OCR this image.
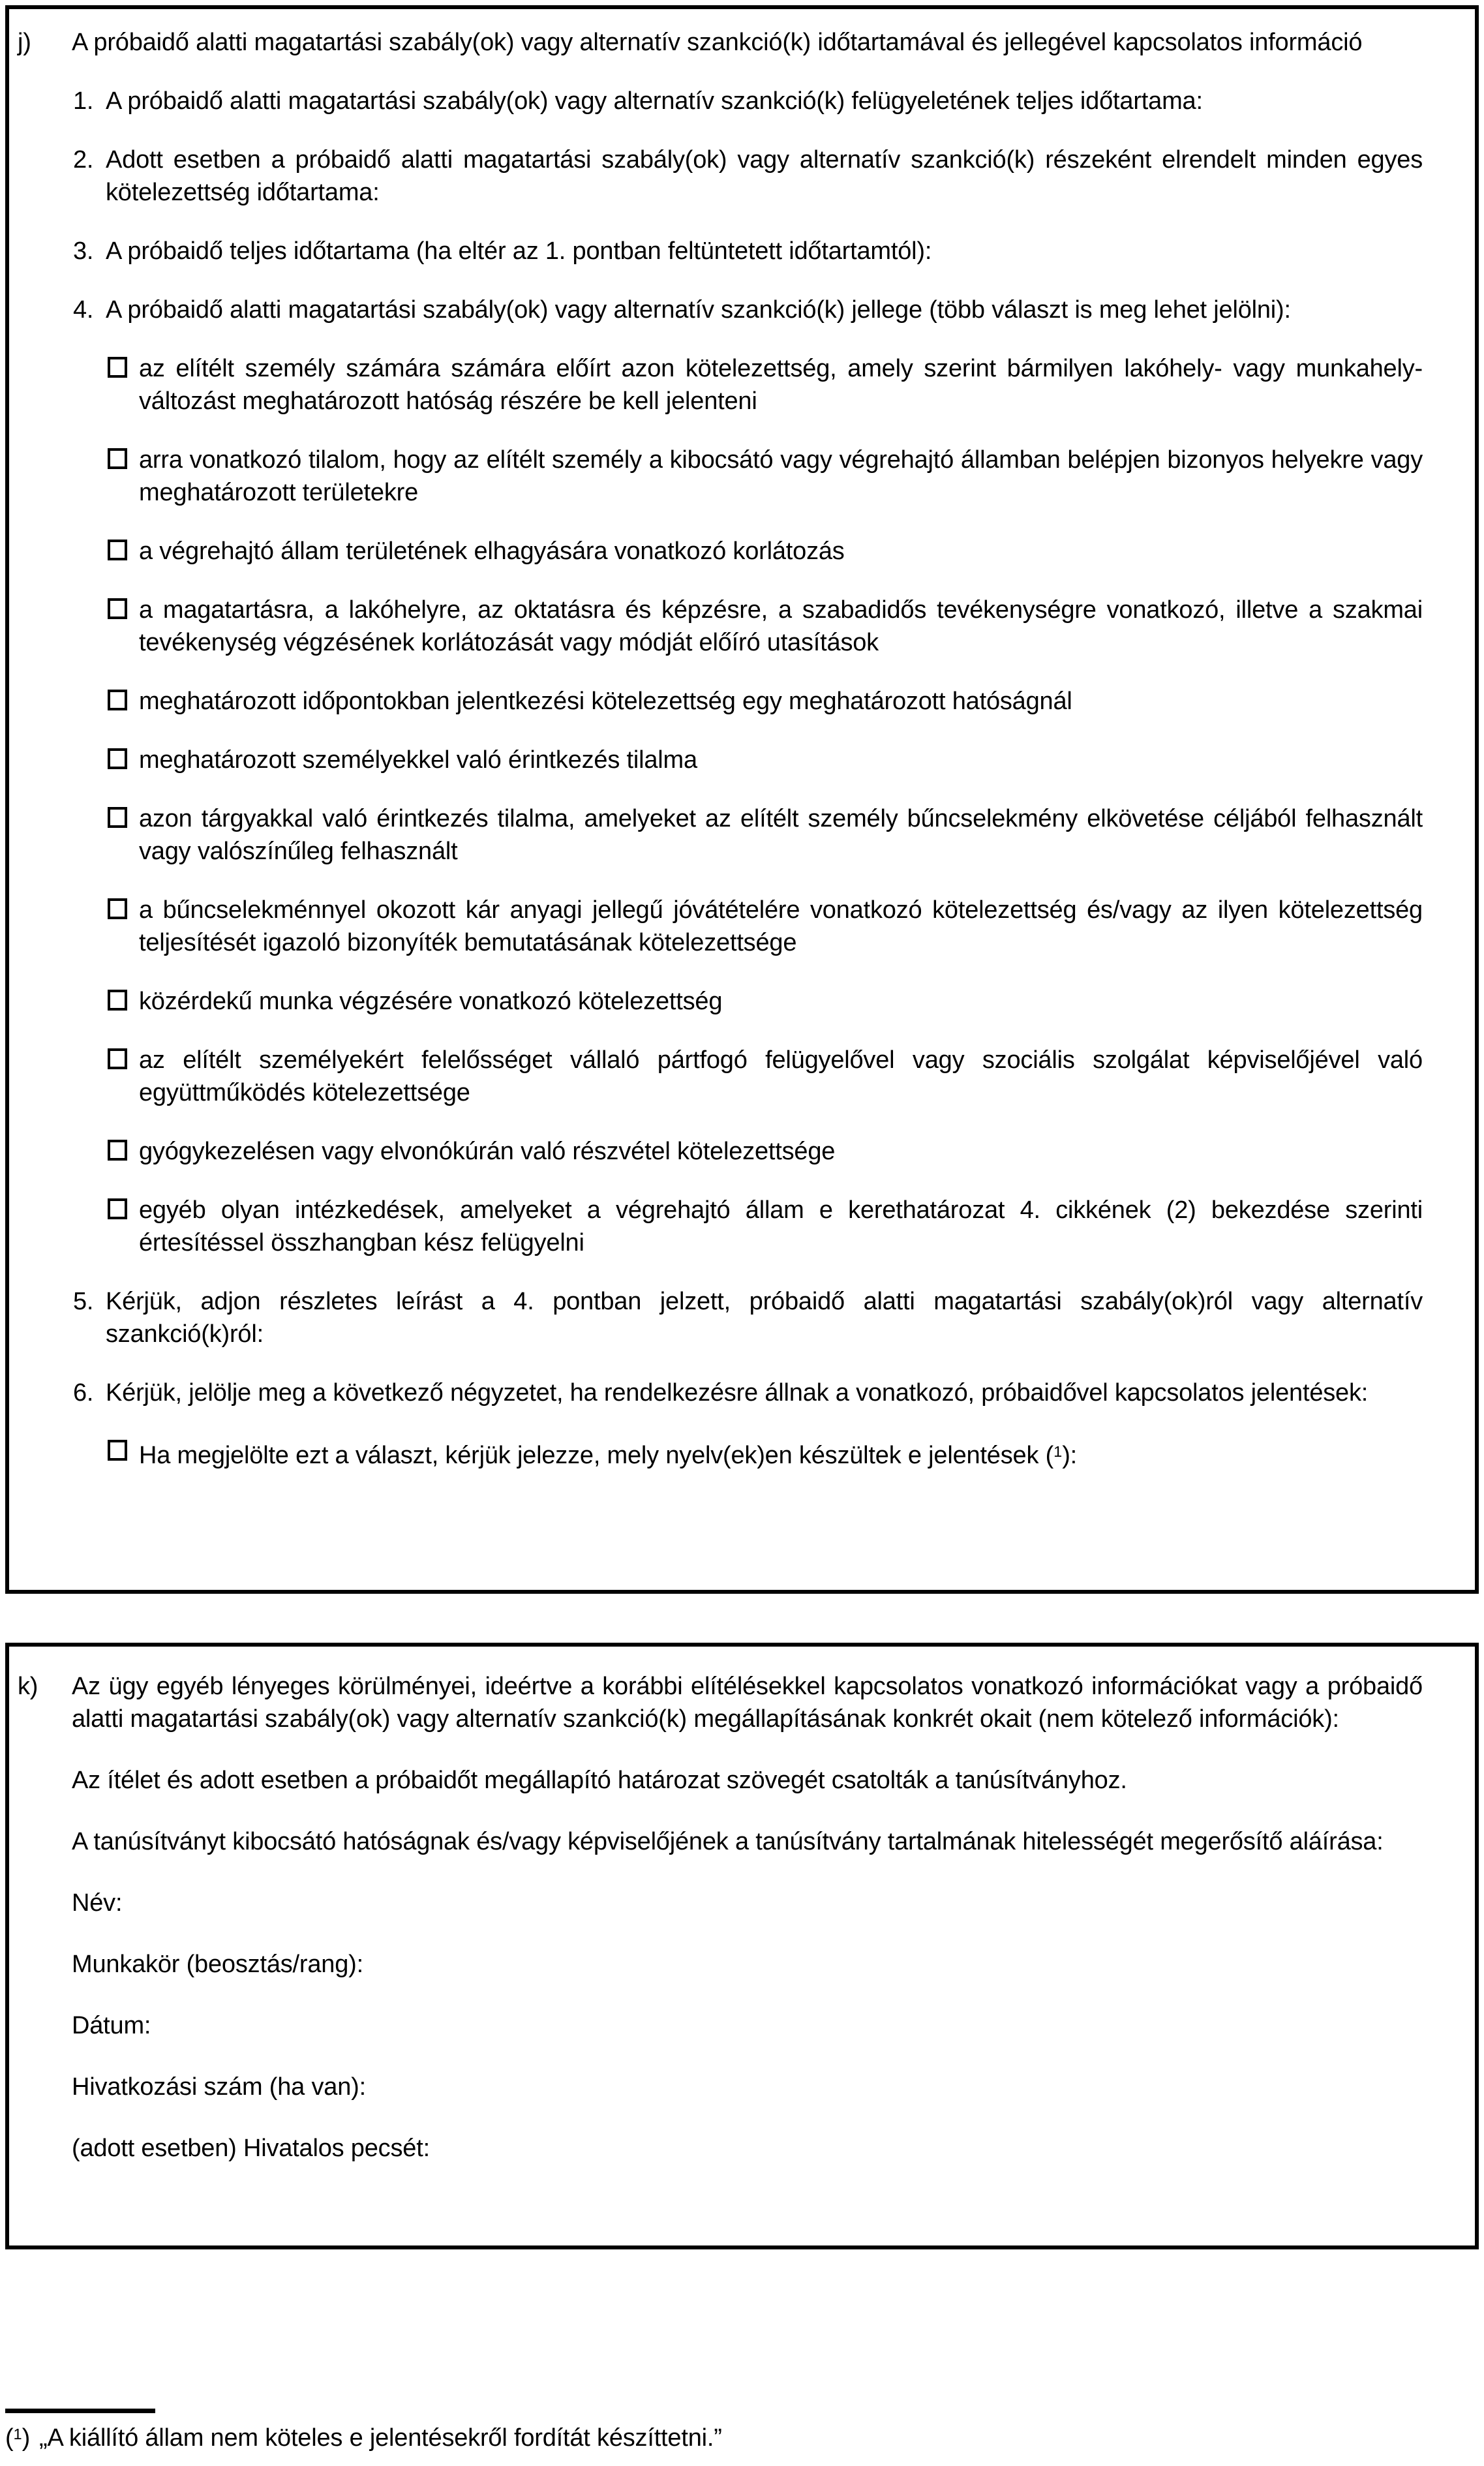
j) A próbaidő alatti magatartási szabály(ok) vagy alternatív szankció(k) időtartamával és jellegével kapcsolatos információ
1. A próbaidő alatti magatartási szabály(ok) vagy alternatív szankció(k) felügyeletének teljes időtartama:
2. Adott esetben a próbaidő alatti magatartási szabály(ok) vagy alternatív szankció(k) részeként elrendelt minden egyes kötelezettség időtartama:
3. A próbaidő teljes időtartama (ha eltér az 1. pontban feltüntetett időtartamtól):
4. A próbaidő alatti magatartási szabály(ok) vagy alternatív szankció(k) jellege (több választ is meg lehet jelölni):
az elítélt személy számára számára előírt azon kötelezettség, amely szerint bármilyen lakóhely- vagy munkahely-változást meghatározott hatóság részére be kell jelenteni
arra vonatkozó tilalom, hogy az elítélt személy a kibocsátó vagy végrehajtó államban belépjen bizonyos helyekre vagy meghatározott területekre
a végrehajtó állam területének elhagyására vonatkozó korlátozás
a magatartásra, a lakóhelyre, az oktatásra és képzésre, a szabadidős tevékenységre vonatkozó, illetve a szakmai tevékenység végzésének korlátozását vagy módját előíró utasítások
meghatározott időpontokban jelentkezési kötelezettség egy meghatározott hatóságnál
meghatározott személyekkel való érintkezés tilalma
azon tárgyakkal való érintkezés tilalma, amelyeket az elítélt személy bűncselekmény elkövetése céljából felhasznált vagy valószínűleg felhasznált
a bűncselekménnyel okozott kár anyagi jellegű jóvátételére vonatkozó kötelezettség és/vagy az ilyen kötelezettség teljesítését igazoló bizonyíték bemutatásának kötelezettsége
közérdekű munka végzésére vonatkozó kötelezettség
az elítélt személyekért felelősséget vállaló pártfogó felügyelővel vagy szociális szolgálat képviselőjével való együttműködés kötelezettsége
gyógykezelésen vagy elvonókúrán való részvétel kötelezettsége
egyéb olyan intézkedések, amelyeket a végrehajtó állam e kerethatározat 4. cikkének (2) bekezdése szerinti értesítéssel összhangban kész felügyelni
5. Kérjük, adjon részletes leírást a 4. pontban jelzett, próbaidő alatti magatartási szabály(ok)ról vagy alternatív szankció(k)ról:
6. Kérjük, jelölje meg a következő négyzetet, ha rendelkezésre állnak a vonatkozó, próbaidővel kapcsolatos jelentések:
Ha megjelölte ezt a választ, kérjük jelezze, mely nyelv(ek)en készültek e jelentések ($^1$):
k) Az ügy egyéb lényeges körülményei, ideértve a korábbi elítélésekkel kapcsolatos vonatkozó információkat vagy a próbaidő alatti magatartási szabály(ok) vagy alternatív szankció(k) megállapításának konkrét okait (nem kötelező információk):
Az ítélet és adott esetben a próbaidőt megállapító határozat szövegét csatolták a tanúsítványhoz.
A tanúsítványt kibocsátó hatóságnak és/vagy képviselőjének a tanúsítvány tartalmának hitelességét megerősítő aláírása:
Név:
Munkakör (beosztás/rang):
Dátum:
Hivatkozási szám (ha van):
(adott esetben) Hivatalos pecsét:
($^1$) „A kiállító állam nem köteles e jelentésekről fordítát készíttetni.”
